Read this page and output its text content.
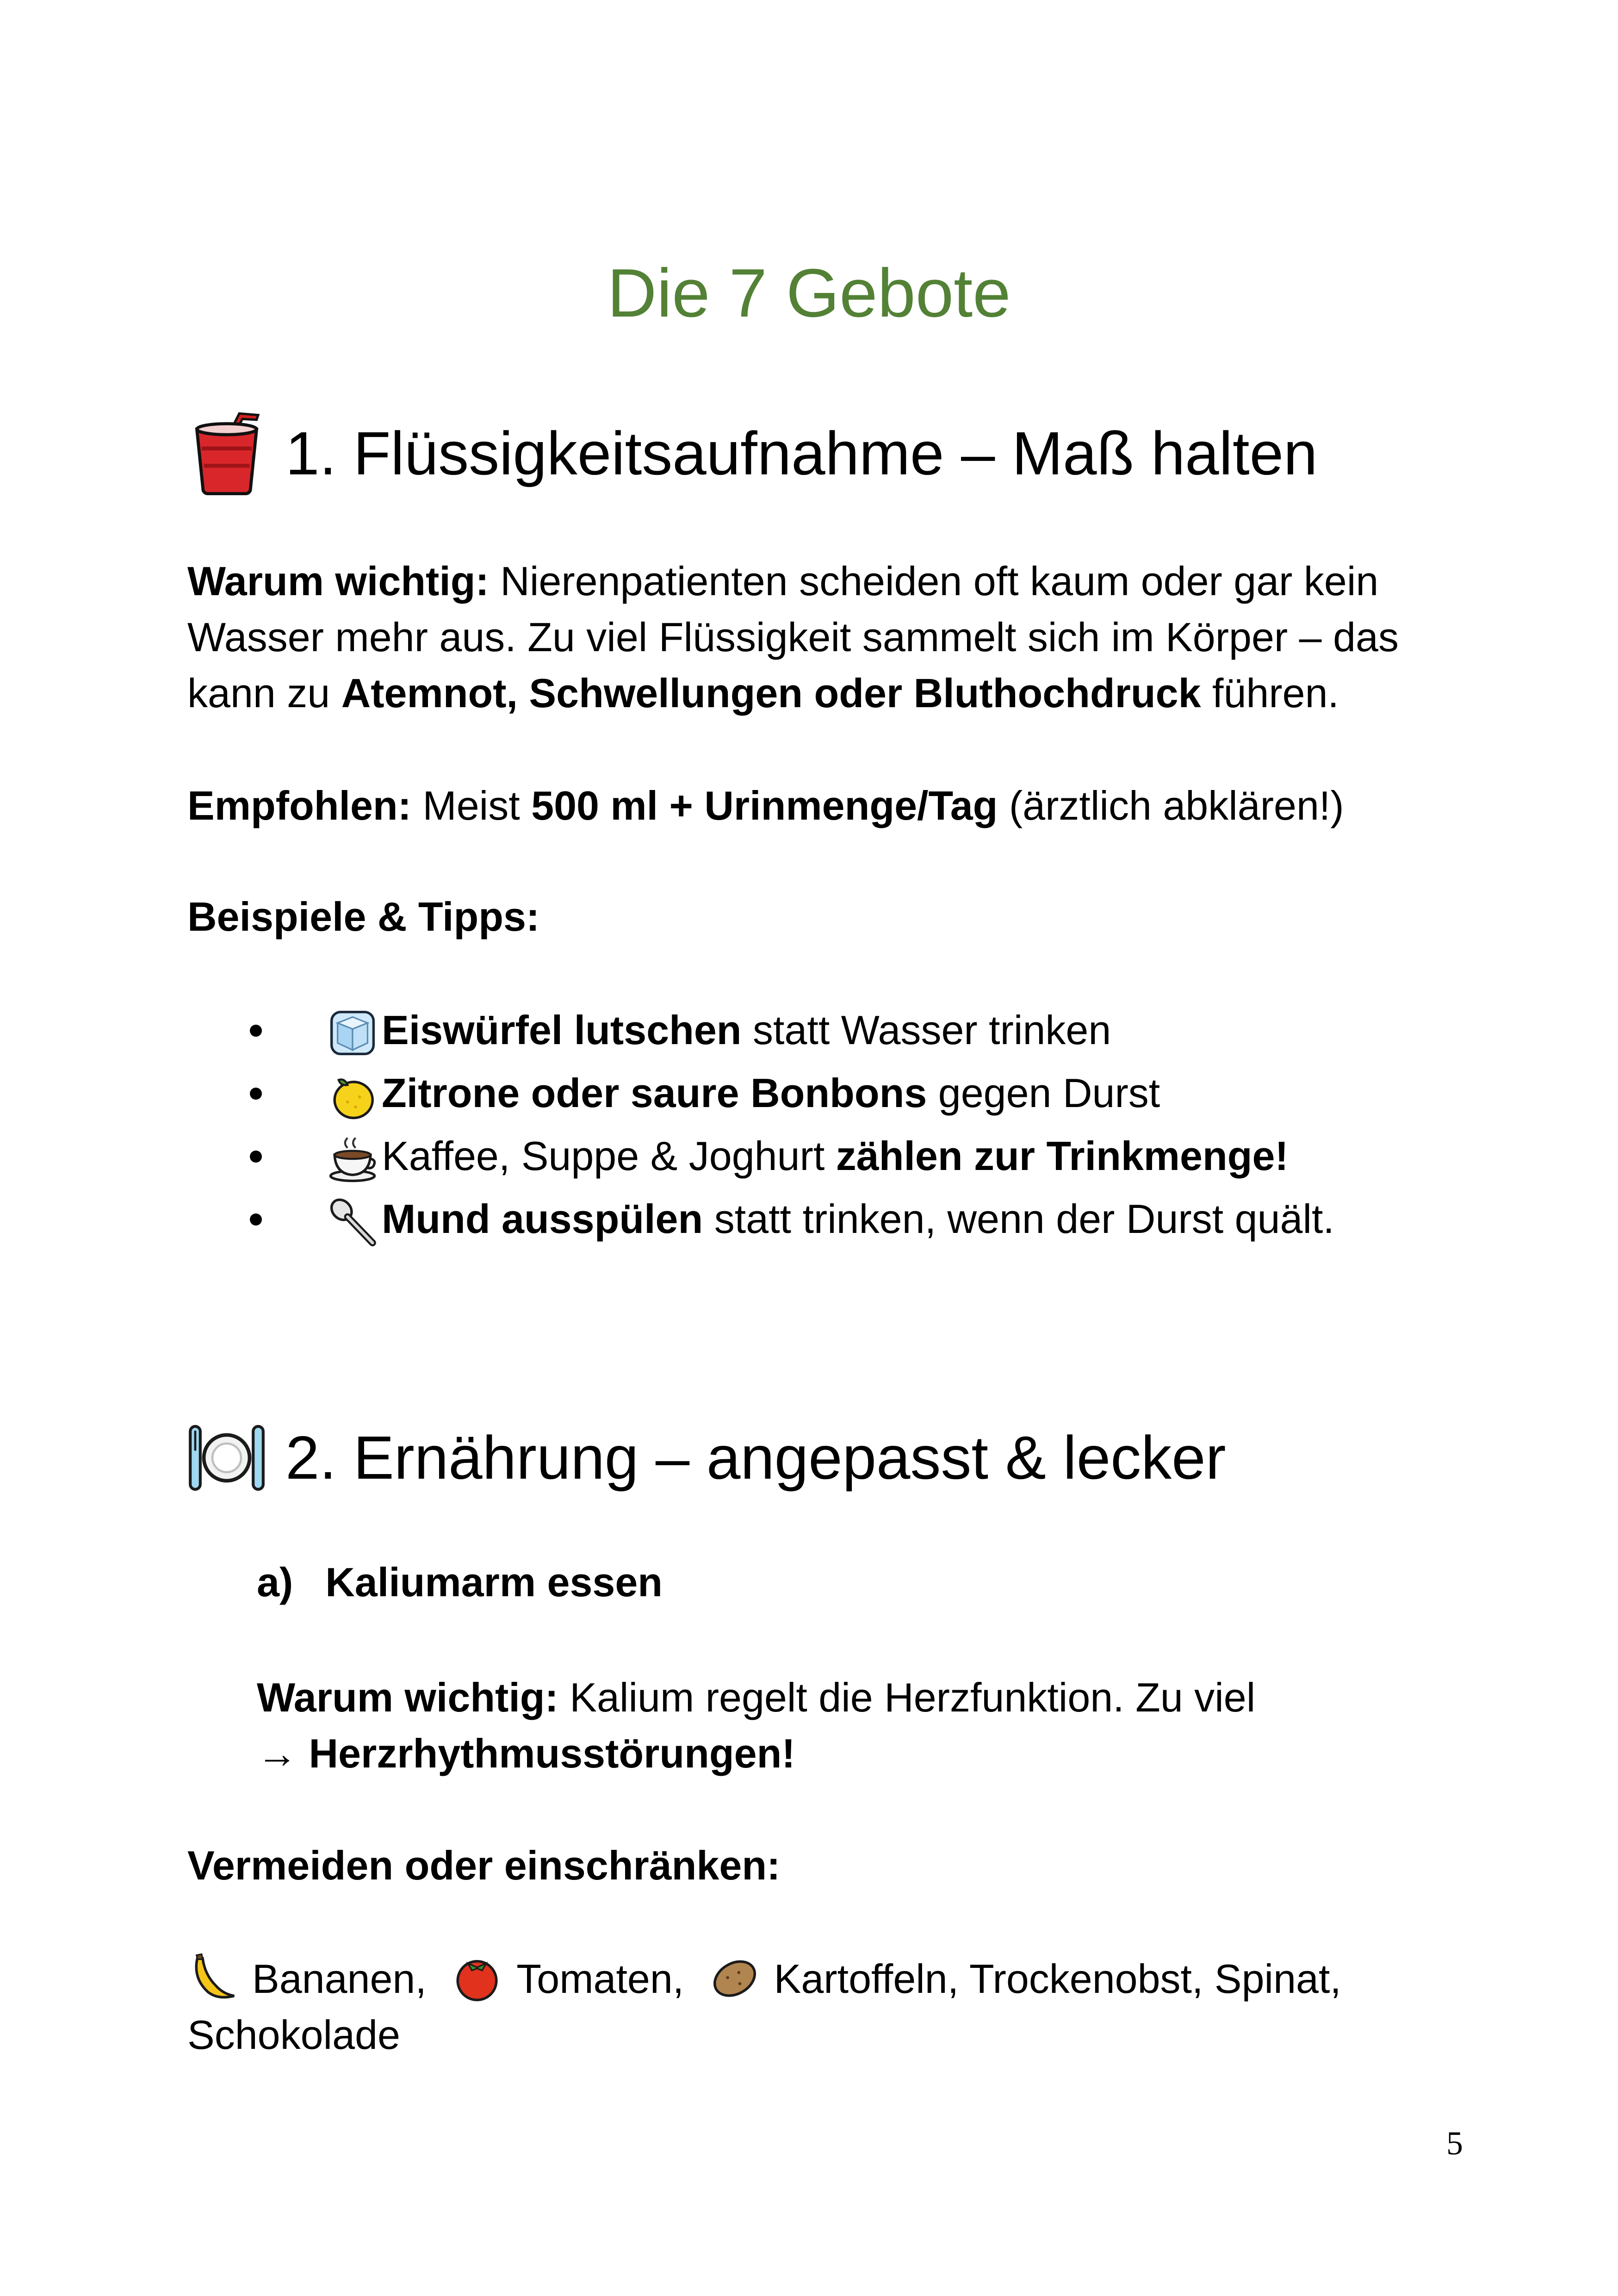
Die 7 Gebote
1. Flüssigkeitsaufnahme – Maß halten

Warum wichtig: Nierenpatienten scheiden oft kaum oder gar kein Wasser mehr aus. Zu viel Flüssigkeit sammelt sich im Körper – das kann zu Atemnot, Schwellungen oder Bluthochdruck führen.

Empfohlen: Meist 500 ml + Urinmenge/Tag (ärztlich abklären!)

Beispiele & Tipps:

Eiswürfel lutschen statt Wasser trinken
Zitrone oder saure Bonbons gegen Durst
Kaffee, Suppe & Joghurt zählen zur Trinkmenge!
Mund ausspülen statt trinken, wenn der Durst quält.
2. Ernährung – angepasst & lecker

a) Kaliumarm essen

Warum wichtig: Kalium regelt die Herzfunktion. Zu viel
→ Herzrhythmusstörungen!

Vermeiden oder einschränken:

Bananen, Tomaten, Kartoffeln, Trockenobst, Spinat,
Schokolade

5
